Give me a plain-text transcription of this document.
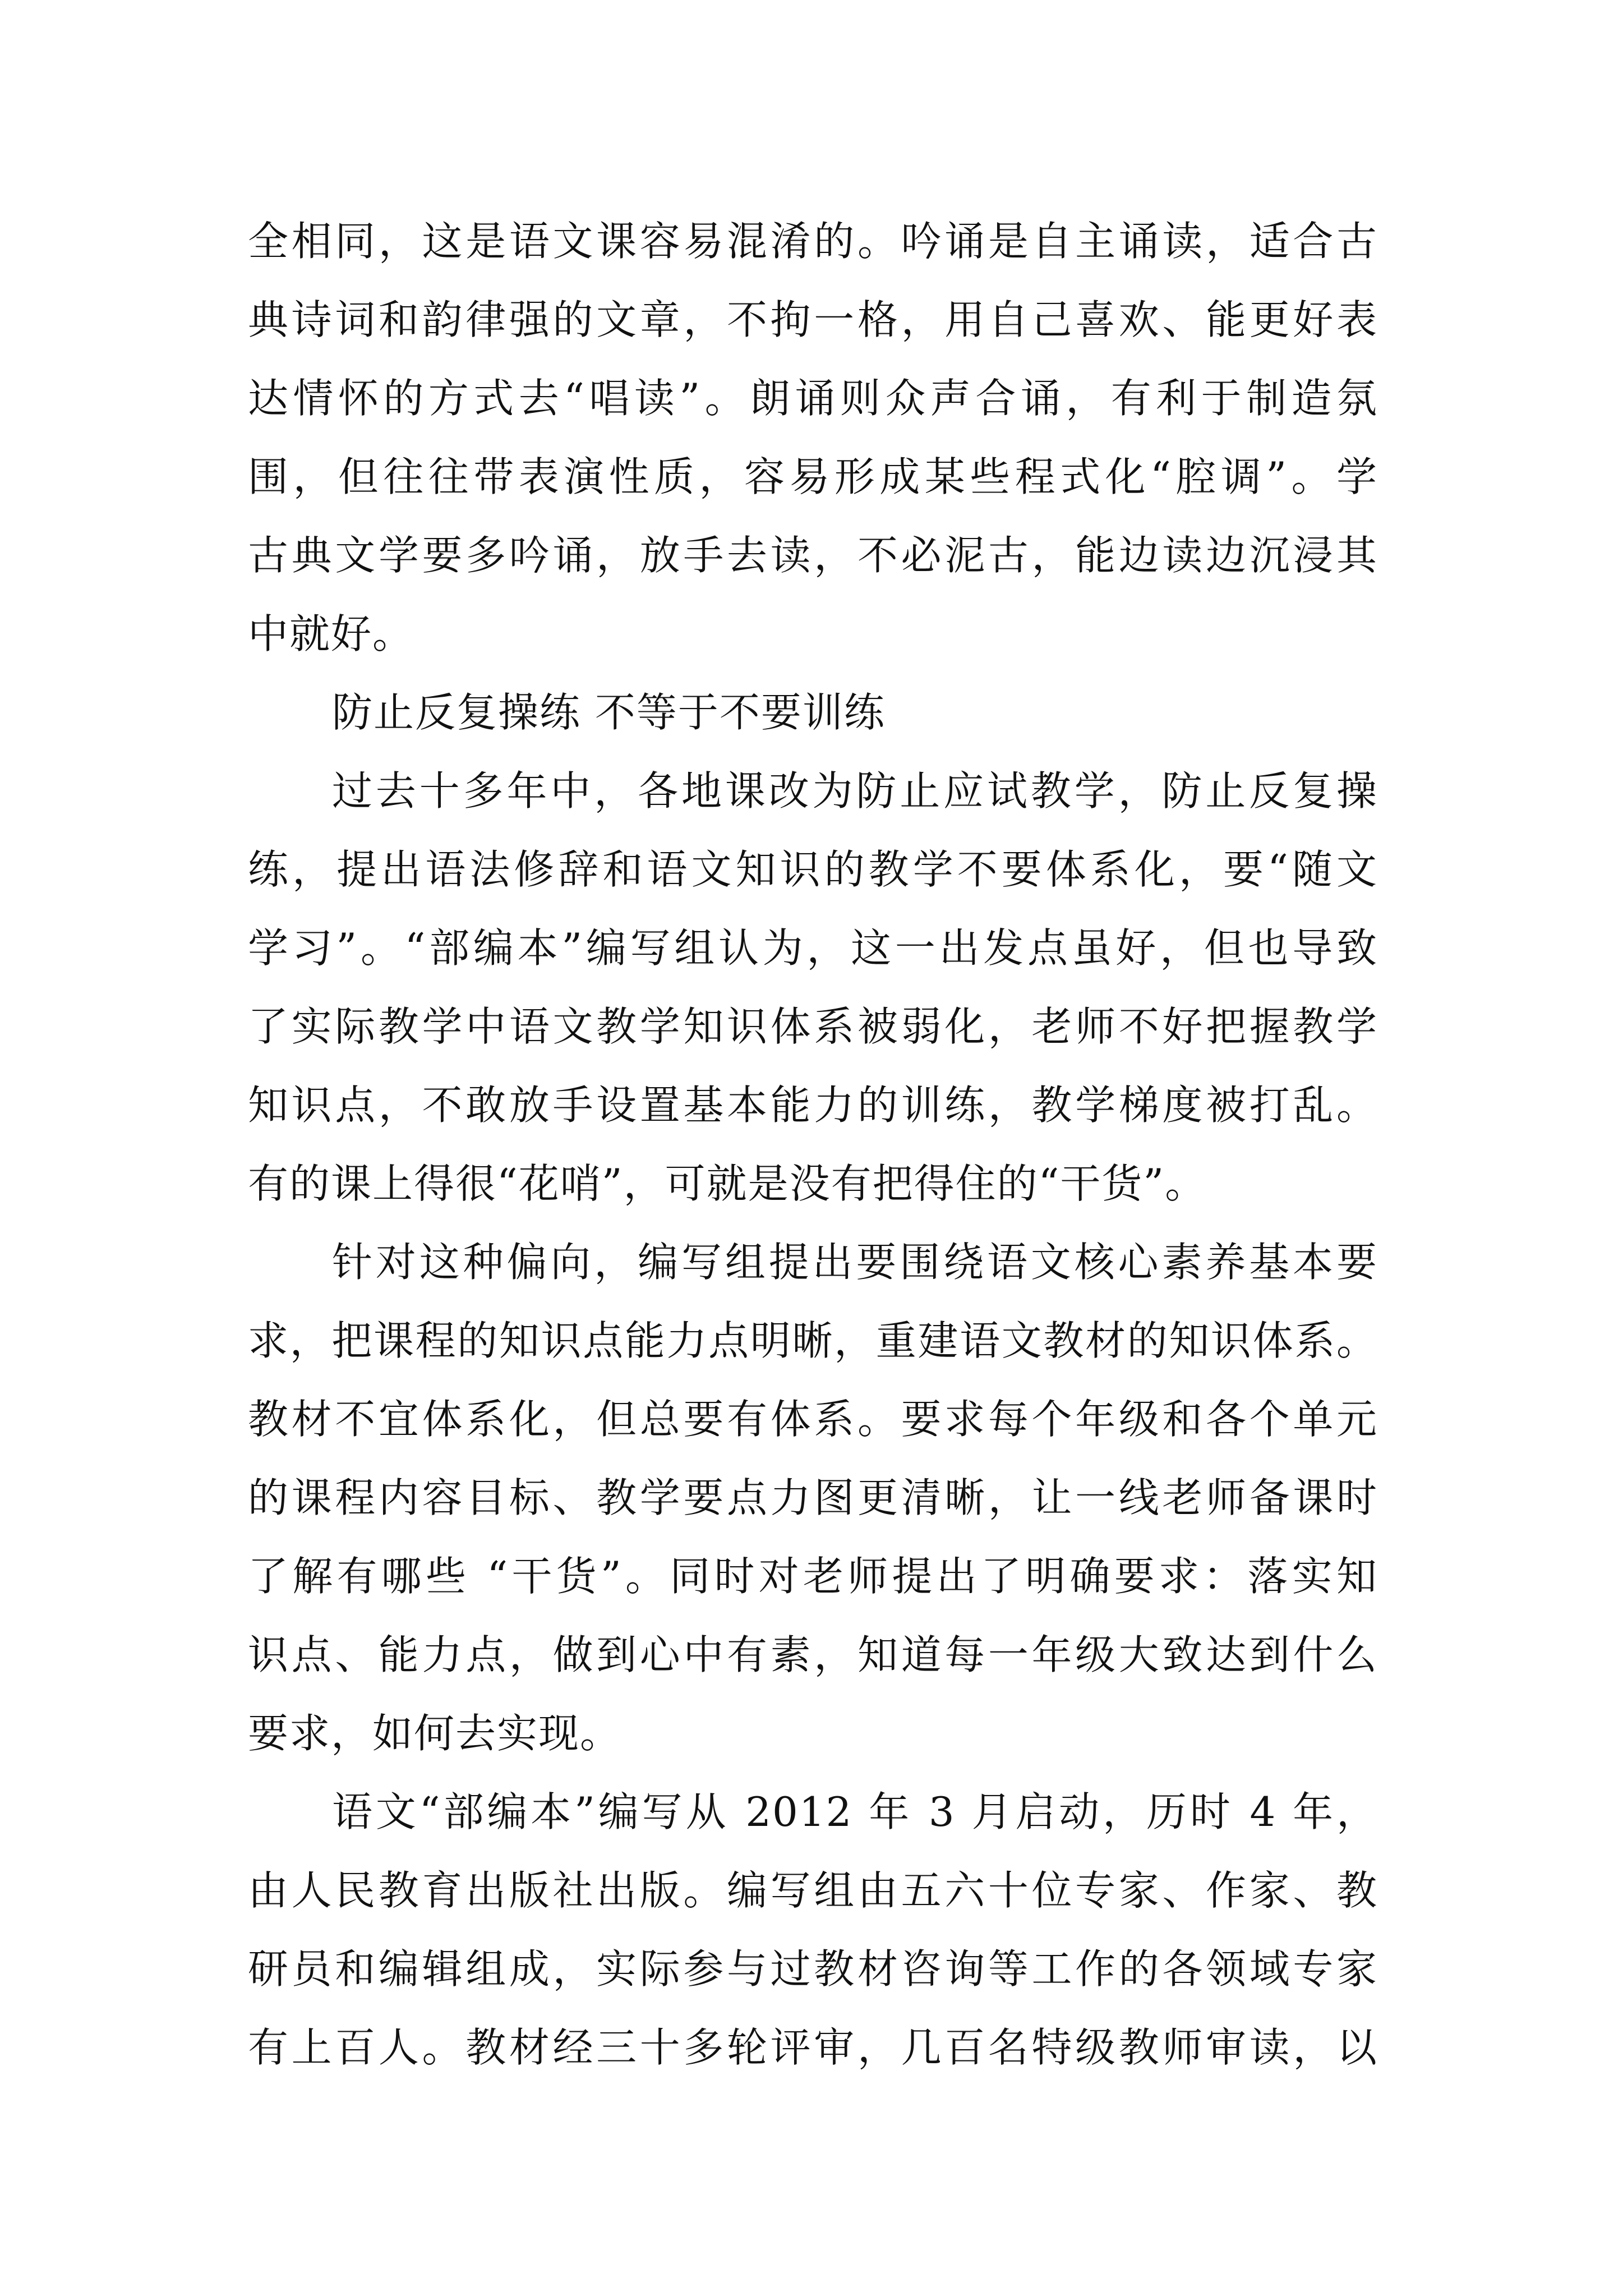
全相同，这是语文课容易混淆的。吟诵是自主诵读，适合古
典诗词和韵律强的文章，不拘一格，用自己喜欢、能更好表
达情怀的方式去“唱读”。朗诵则众声合诵，有利于制造氛
围，但往往带表演性质，容易形成某些程式化“腔调”。学
古典文学要多吟诵，放手去读，不必泥古，能边读边沉浸其
中就好。
防止反复操练 不等于不要训练
过去十多年中，各地课改为防止应试教学，防止反复操
练，提出语法修辞和语文知识的教学不要体系化，要“随文
学习”。“部编本”编写组认为，这一出发点虽好，但也导致
了实际教学中语文教学知识体系被弱化，老师不好把握教学
知识点，不敢放手设置基本能力的训练，教学梯度被打乱。
有的课上得很“花哨”，可就是没有把得住的“干货”。
针对这种偏向，编写组提出要围绕语文核心素养基本要
求，把课程的知识点能力点明晰，重建语文教材的知识体系。
教材不宜体系化，但总要有体系。要求每个年级和各个单元
的课程内容目标、教学要点力图更清晰，让一线老师备课时
了解有哪些 “干货”。同时对老师提出了明确要求：落实知
识点、能力点，做到心中有素，知道每一年级大致达到什么
要求，如何去实现。
语文“部编本”编写从 2012 年 3 月启动，历时 4 年，
由人民教育出版社出版。编写组由五六十位专家、作家、教
研员和编辑组成，实际参与过教材咨询等工作的各领域专家
有上百人。教材经三十多轮评审，几百名特级教师审读，以
